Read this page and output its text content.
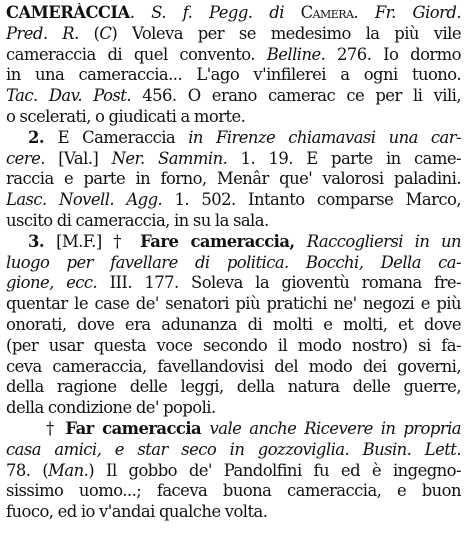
CAMERÀCCIA. S. f. Pegg. di Camera. Fr. Giord.
Pred. R. (C) Voleva per se medesimo la più vile
cameraccia di quel convento. Belline. 276. Io dormo
in una cameraccia... L'ago v'infilerei a ogni tuono.
Tac. Dav. Post. 456. O erano camerac ce per li vili,
o scelerati, o giudicati a morte.
2. E Cameraccia in Firenze chiamavasi una car-
cere. [Val.] Ner. Sammin. 1. 19. E parte in came-
raccia e parte in forno, Menâr que' valorosi paladini.
Lasc. Novell. Agg. 1. 502. Intanto comparse Marco,
uscito di cameraccia, in su la sala.
3. [M.F.] † Fare cameraccia, Raccogliersi in un
luogo per favellare di politica. Bocchi, Della ca-
gione, ecc. III. 177. Soleva la gioventù romana fre-
quentar le case de' senatori più pratichi ne' negozi e più
onorati, dove era adunanza di molti e molti, et dove
(per usar questa voce secondo il modo nostro) si fa-
ceva cameraccia, favellandovisi del modo dei governi,
della ragione delle leggi, della natura delle guerre,
della condizione de' popoli.
† Far cameraccia vale anche Ricevere in propria
casa amici, e star seco in gozzoviglia. Busin. Lett.
78. (Man.) Il gobbo de' Pandolfini fu ed è ingegno-
sissimo uomo...; faceva buona cameraccia, e buon
fuoco, ed io v'andai qualche volta.
